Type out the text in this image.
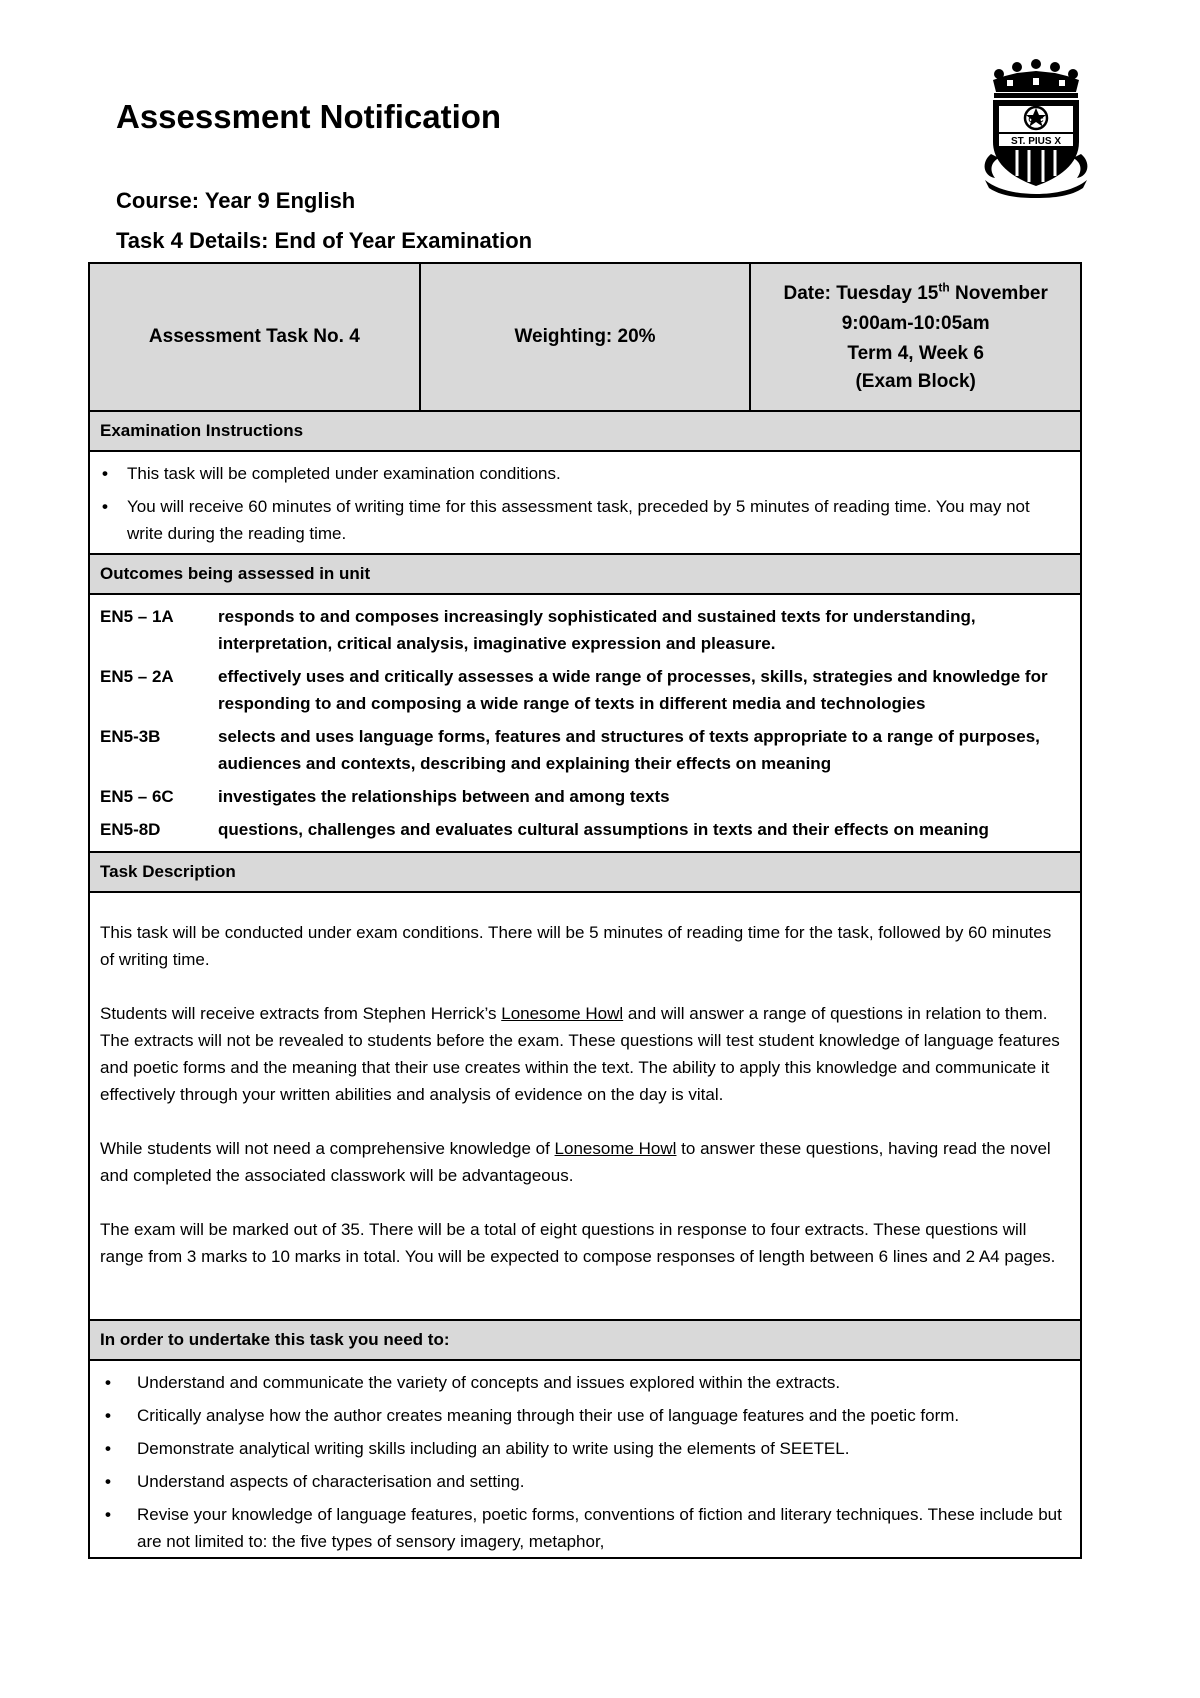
Assessment Notification

Course: Year 9 English

Task 4 Details: End of Year Examination

ST. PIUS X
CBC
Assessment Task No. 4	Weighting: 20%
Date: Tuesday 15th November
9:00am-10:05am
Term 4, Week 6
(Exam Block)
Examination Instructions
• This task will be completed under examination conditions.
• You will receive 60 minutes of writing time for this assessment task, preceded by 5 minutes of reading time. You may not write during the reading time.
Outcomes being assessed in unit
EN5 – 1A	responds to and composes increasingly sophisticated and sustained texts for understanding, interpretation, critical analysis, imaginative expression and pleasure.
EN5 – 2A	effectively uses and critically assesses a wide range of processes, skills, strategies and knowledge for responding to and composing a wide range of texts in different media and technologies
EN5-3B	selects and uses language forms, features and structures of texts appropriate to a range of purposes, audiences and contexts, describing and explaining their effects on meaning
EN5 – 6C	investigates the relationships between and among texts
EN5-8D	questions, challenges and evaluates cultural assumptions in texts and their effects on meaning
Task Description

This task will be conducted under exam conditions. There will be 5 minutes of reading time for the task, followed by 60 minutes of writing time.

Students will receive extracts from Stephen Herrick’s Lonesome Howl and will answer a range of questions in relation to them. The extracts will not be revealed to students before the exam. These questions will test student knowledge of language features and poetic forms and the meaning that their use creates within the text. The ability to apply this knowledge and communicate it effectively through your written abilities and analysis of evidence on the day is vital.

While students will not need a comprehensive knowledge of Lonesome Howl to answer these questions, having read the novel and completed the associated classwork will be advantageous.

The exam will be marked out of 35. There will be a total of eight questions in response to four extracts. These questions will range from 3 marks to 10 marks in total. You will be expected to compose responses of length between 6 lines and 2 A4 pages.

In order to undertake this task you need to:
• Understand and communicate the variety of concepts and issues explored within the extracts.
• Critically analyse how the author creates meaning through their use of language features and the poetic form.
• Demonstrate analytical writing skills including an ability to write using the elements of SEETEL.
• Understand aspects of characterisation and setting.
• Revise your knowledge of language features, poetic forms, conventions of fiction and literary techniques. These include but are not limited to: the five types of sensory imagery, metaphor,
